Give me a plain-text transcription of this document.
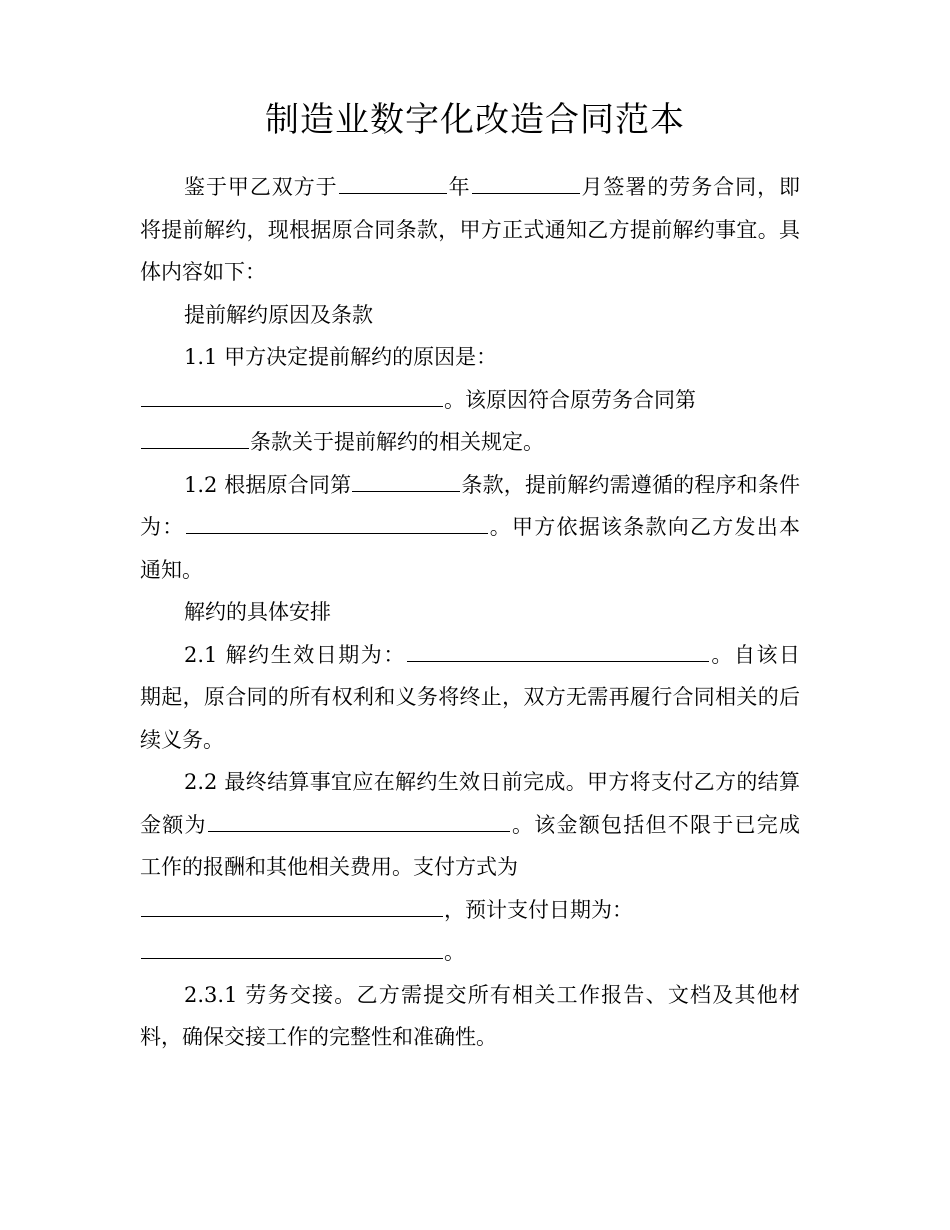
制造业数字化改造合同范本

鉴于甲乙双方于	年	月签署的劳务合同，即将提前解约，现根据原合同条款，甲方正式通知乙方提前解约事宜。具体内容如下：

提前解约原因及条款

1.1 甲方决定提前解约的原因是：

。该原因符合原劳务合同第

条款关于提前解约的相关规定。

1.2 根据原合同第	条款，提前解约需遵循的程序和条件为：	。甲方依据该条款向乙方发出本通知。

解约的具体安排

2.1 解约生效日期为：	。自该日期起，原合同的所有权利和义务将终止，双方无需再履行合同相关的后续义务。

2.2 最终结算事宜应在解约生效日前完成。甲方将支付乙方的结算金额为	。该金额包括但不限于已完成工作的报酬和其他相关费用。支付方式为

，预计支付日期为：

。

2.3.1 劳务交接。乙方需提交所有相关工作报告、文档及其他材料，确保交接工作的完整性和准确性。
